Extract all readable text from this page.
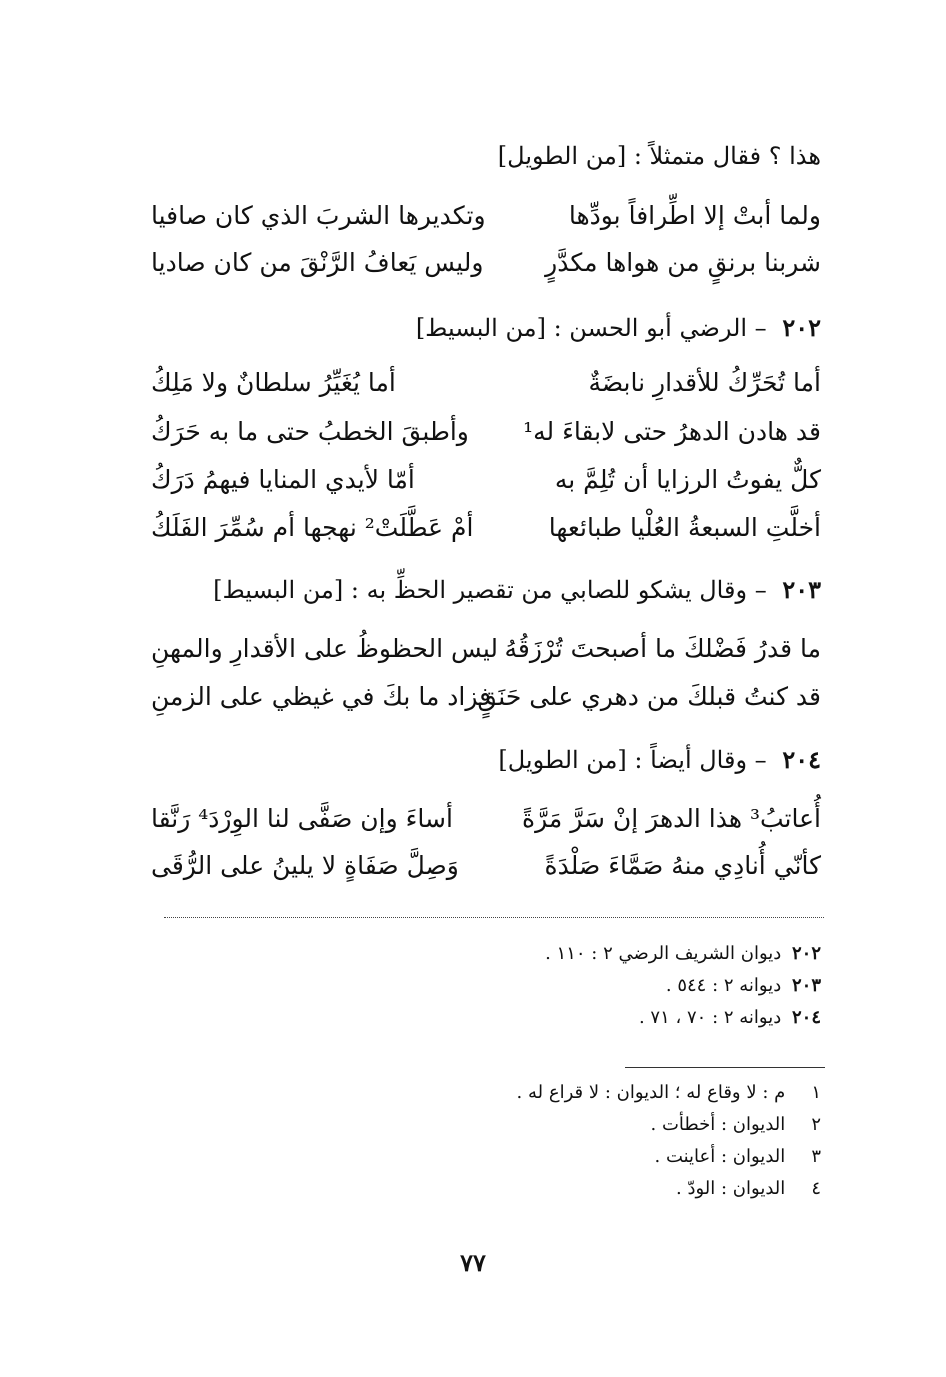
هذا ؟ فقال متمثلاً : [من الطويل]
ولما أبتْ إلا اطِّرافاً بودِّها
وتكديرها الشربَ الذي كان صافيا
شربنا برنقٍ من هواها مكدَّرٍ
وليس يَعافُ الرَّنْقَ من كان صاديا
٢٠٢ – الرضي أبو الحسن : [من البسيط]
أما تُحَرِّكُ للأقدارِ نابضَةٌ
أما يُغَيِّرُ سلطانٌ ولا مَلِكُ
قد هادن الدهرُ حتى لابقاءَ له¹
وأطبقَ الخطبُ حتى ما به حَرَكُ
كلٌّ يفوتُ الرزايا أن تُلِمَّ به
أمّا لأيدي المنايا فيهمُ دَرَكُ
أخلَّتِ السبعةُ العُلْيا طبائعها
أمْ عَطَّلَتْ² نهجها أم سُمِّرَ الفَلَكُ
٢٠٣ – وقال يشكو للصابي من تقصير الحظِّ به : [من البسيط]
ما قدرُ فَضْلكَ ما أصبحتَ تُرْزَقُهُ
ليس الحظوظُ على الأقدارِ والمهنِ
قد كنتُ قبلكَ من دهري على حَنَقٍ
فزاد ما بكَ في غيظي على الزمنِ
٢٠٤ – وقال أيضاً : [من الطويل]
أُعاتبُ³ هذا الدهرَ إنْ سَرَّ مَرَّةً
أساءَ وإن صَفَّى لنا الوِرْدَ⁴ رَنَّقا
كأنّي أُنادِي منهُ صَمَّاءَ صَلْدَةً
وَصِلَّ صَفَاةٍ لا يلينُ على الرُّقَى
٢٠٢ ديوان الشريف الرضي ٢ : ١١٠ .
٢٠٣ ديوانه ٢ : ٥٤٤ .
٢٠٤ ديوانه ٢ : ٧٠ ، ٧١ .
١ م : لا وقاع له ؛ الديوان : لا قراع له .
٢ الديوان : أخطأت .
٣ الديوان : أعاينت .
٤ الديوان : الودّ .
٧٧
